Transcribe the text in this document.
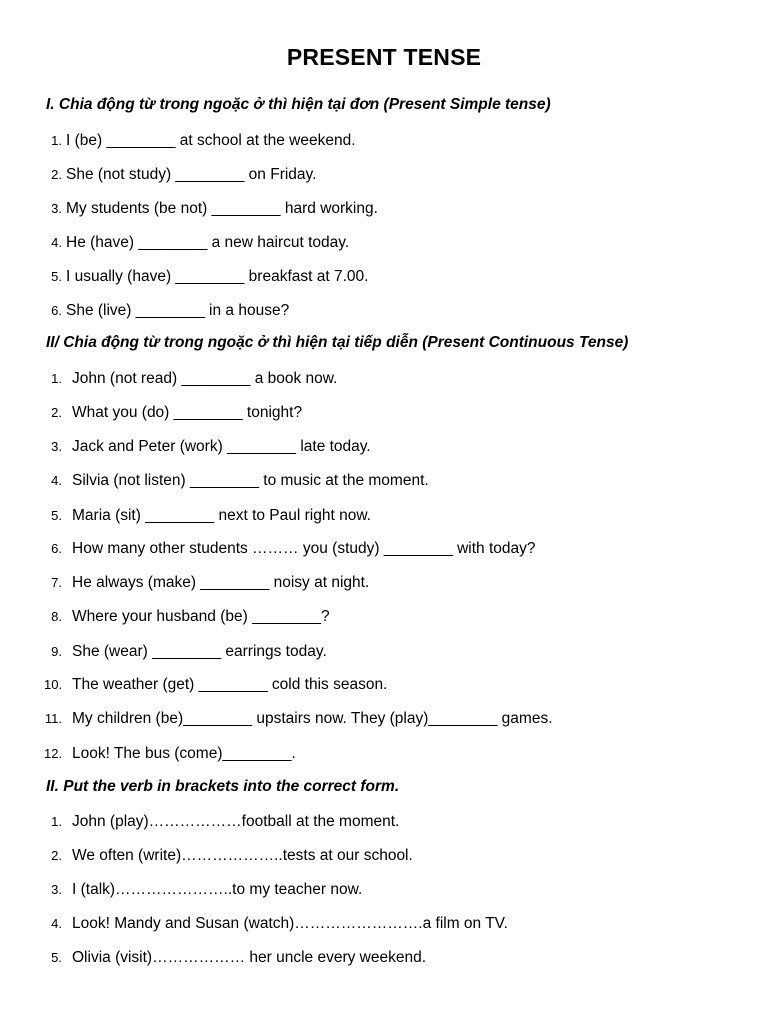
PRESENT TENSE
I. Chia động từ trong ngoặc ở thì hiện tại đơn (Present Simple tense)
1. I (be) ________ at school at the weekend.
2. She (not study) ________ on Friday.
3. My students (be not) ________ hard working.
4. He (have) ________ a new haircut today.
5. I usually (have) ________ breakfast at 7.00.
6. She (live) ________ in a house?
II/ Chia động từ trong ngoặc ở thì hiện tại tiếp diễn (Present Continuous Tense)
1. John (not read) ________ a book now.
2. What you (do) ________ tonight?
3. Jack and Peter (work) ________ late today.
4. Silvia (not listen) ________ to music at the moment.
5. Maria (sit) ________ next to Paul right now.
6. How many other students ……… you (study) ________ with today?
7. He always (make) ________ noisy at night.
8. Where your husband (be) ________?
9. She (wear) ________ earrings today.
10. The weather (get) ________ cold this season.
11. My children (be)________ upstairs now. They (play)________ games.
12. Look! The bus (come)________.
II. Put the verb in brackets into the correct form.
1. John (play)………………football at the moment.
2. We often (write)………………..tests at our school.
3. I (talk)…………………..to my teacher now.
4. Look! Mandy and Susan (watch)…………………….a film on TV.
5. Olivia (visit)……………… her uncle every weekend.
